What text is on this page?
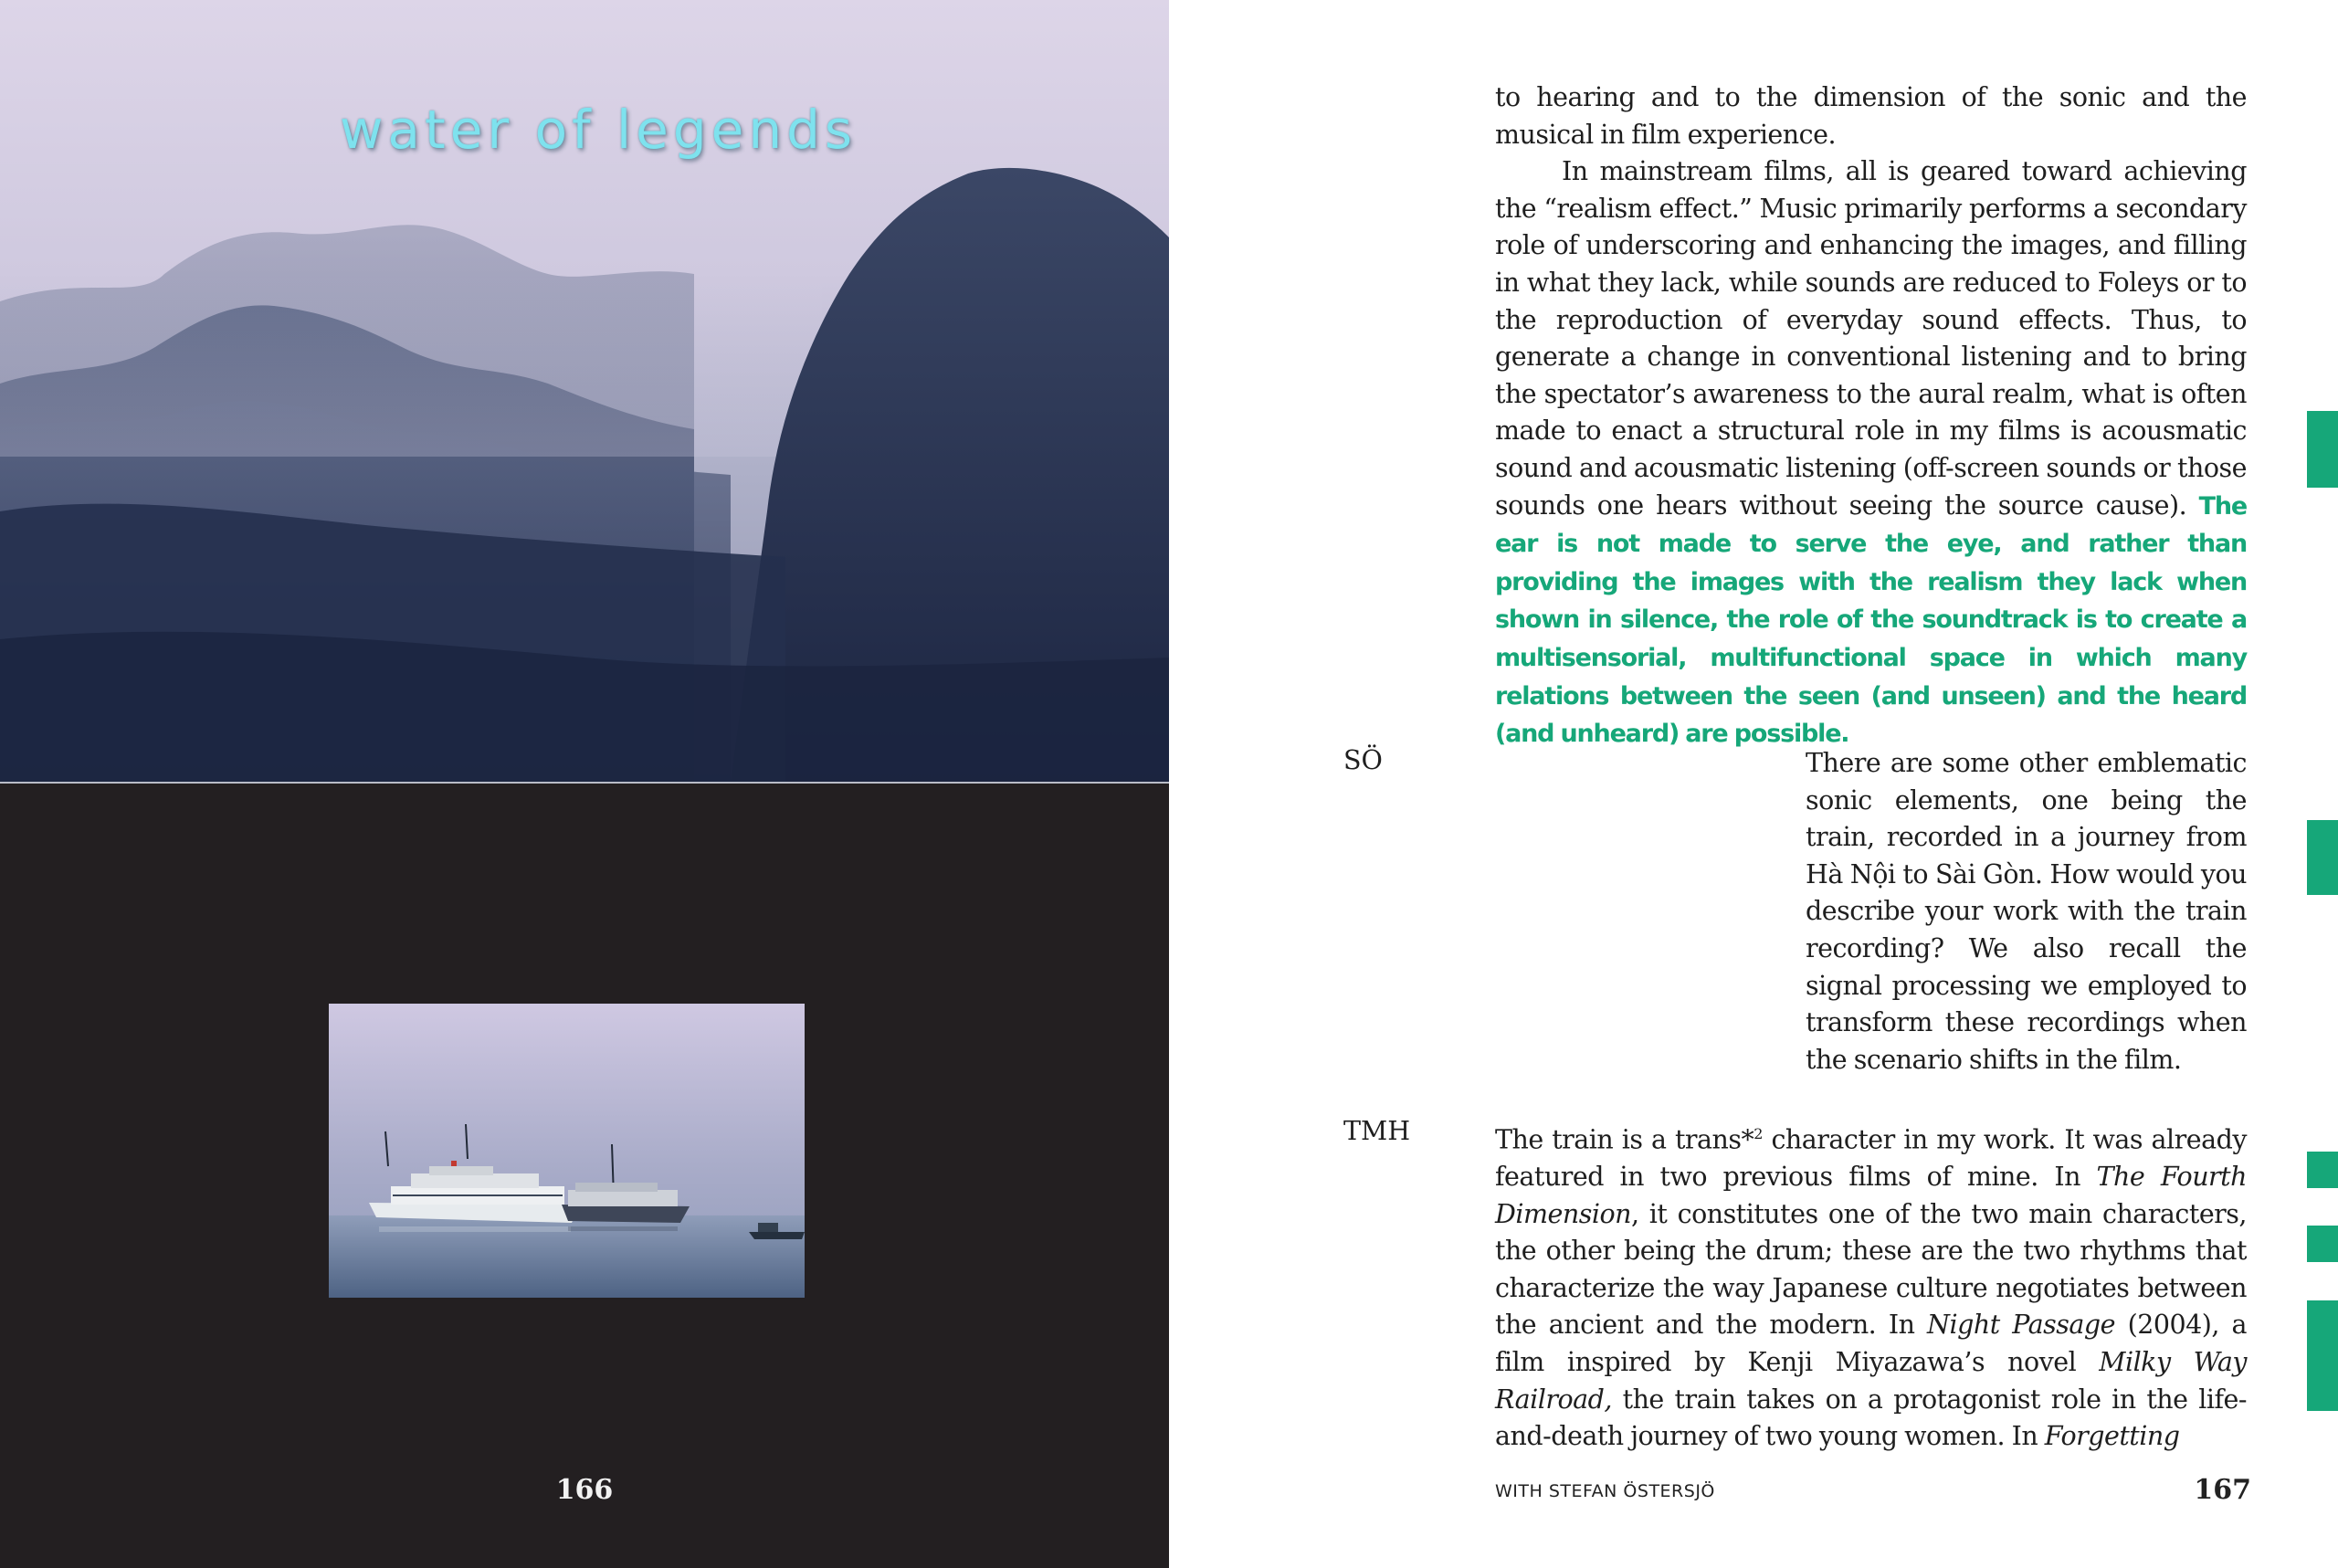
water of legends
166

to hearing and to the dimension of the sonic and the musical in film experience.

In mainstream films, all is geared toward achieving the “realism effect.” Music primarily performs a secondary role of underscoring and enhancing the images, and filling in what they lack, while sounds are reduced to Foleys or to the reproduction of everyday sound effects. Thus, to generate a change in conventional listening and to bring the spectator’s awareness to the aural realm, what is often made to enact a structural role in my films is acousmatic sound and acousmatic listening (off-screen sounds or those sounds one hears without seeing the source cause). The ear is not made to serve the eye, and rather than providing the images with the realism they lack when shown in silence, the role of the soundtrack is to create a multisensorial, multifunctional space in which many relations between the seen (and unseen) and the heard (and unheard) are possible.

SÖ	There are some other emblematic sonic elements, one being the train, recorded in a journey from Hà Nội to Sài Gòn. How would you describe your work with the train recording? We also recall the signal processing we employed to transform these recordings when the scenario shifts in the film.

TMH	The train is a trans*$^2$ character in my work. It was already featured in two previous films of mine. In The Fourth Dimension, it constitutes one of the two main characters, the other being the drum; these are the two rhythms that characterize the way Japanese culture negotiates between the ancient and the modern. In Night Passage (2004), a film inspired by Kenji Miyazawa’s novel Milky Way Railroad, the train takes on a protagonist role in the life-and-death journey of two young women. In Forgetting

WITH STEFAN ÖSTERSJÖ	167
